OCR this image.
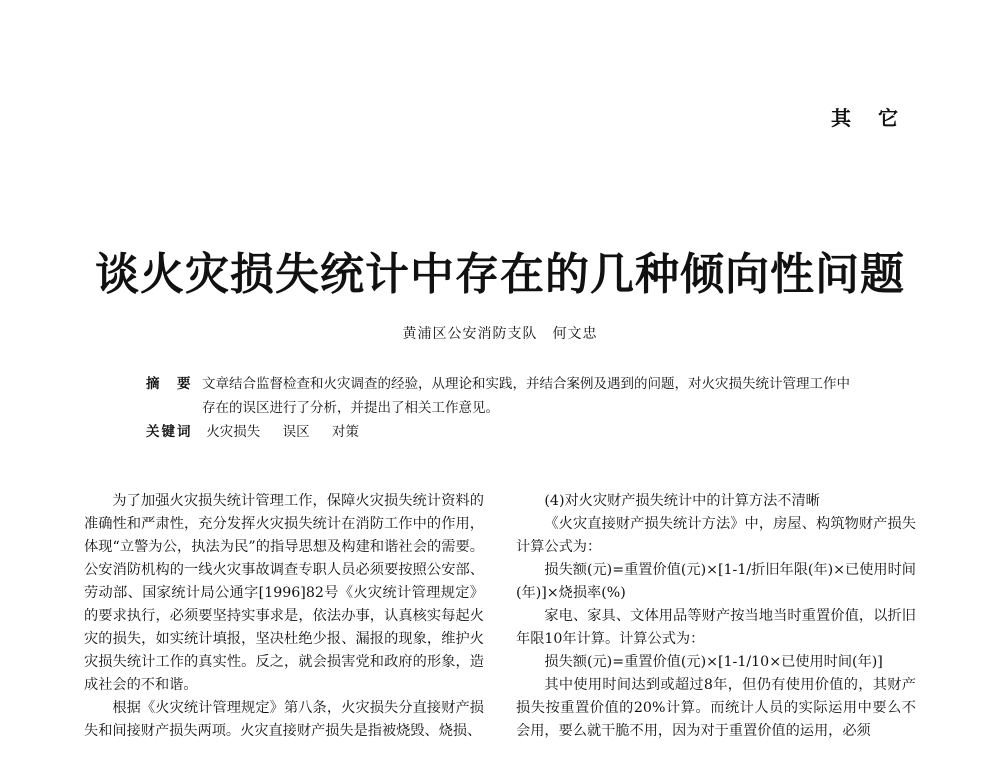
其 它
谈火灾损失统计中存在的几种倾向性问题
黄浦区公安消防支队　何文忠
摘　要 文章结合监督检查和火灾调查的经验，从理论和实践，并结合案例及遇到的问题，对火灾损失统计管理工作中存在的误区进行了分析，并提出了相关工作意见。
关键词 火灾损失 误区 对策

为了加强火灾损失统计管理工作，保障火灾损失统计资料的准确性和严肃性，充分发挥火灾损失统计在消防工作中的作用，体现“立警为公，执法为民”的指导思想及构建和谐社会的需要。公安消防机构的一线火灾事故调查专职人员必须要按照公安部、劳动部、国家统计局公通字[1996]82号《火灾统计管理规定》的要求执行，必须要坚持实事求是，依法办事，认真核实每起火灾的损失，如实统计填报，坚决杜绝少报、漏报的现象，维护火灾损失统计工作的真实性。反之，就会损害党和政府的形象，造成社会的不和谐。

根据《火灾统计管理规定》第八条，火灾损失分直接财产损失和间接财产损失两项。火灾直接财产损失是指被烧毁、烧损、

(4)对火灾财产损失统计中的计算方法不清晰

《火灾直接财产损失统计方法》中，房屋、构筑物财产损失计算公式为：

损失额(元)=重置价值(元)×[1-1/折旧年限(年)×已使用时间(年)]×烧损率(%)

家电、家具、文体用品等财产按当地当时重置价值，以折旧年限10年计算。计算公式为：

损失额(元)=重置价值(元)×[1-1/10×已使用时间(年)]

其中使用时间达到或超过8年，但仍有使用价值的，其财产损失按重置价值的20%计算。而统计人员的实际运用中要么不会用，要么就干脆不用，因为对于重置价值的运用，必须
